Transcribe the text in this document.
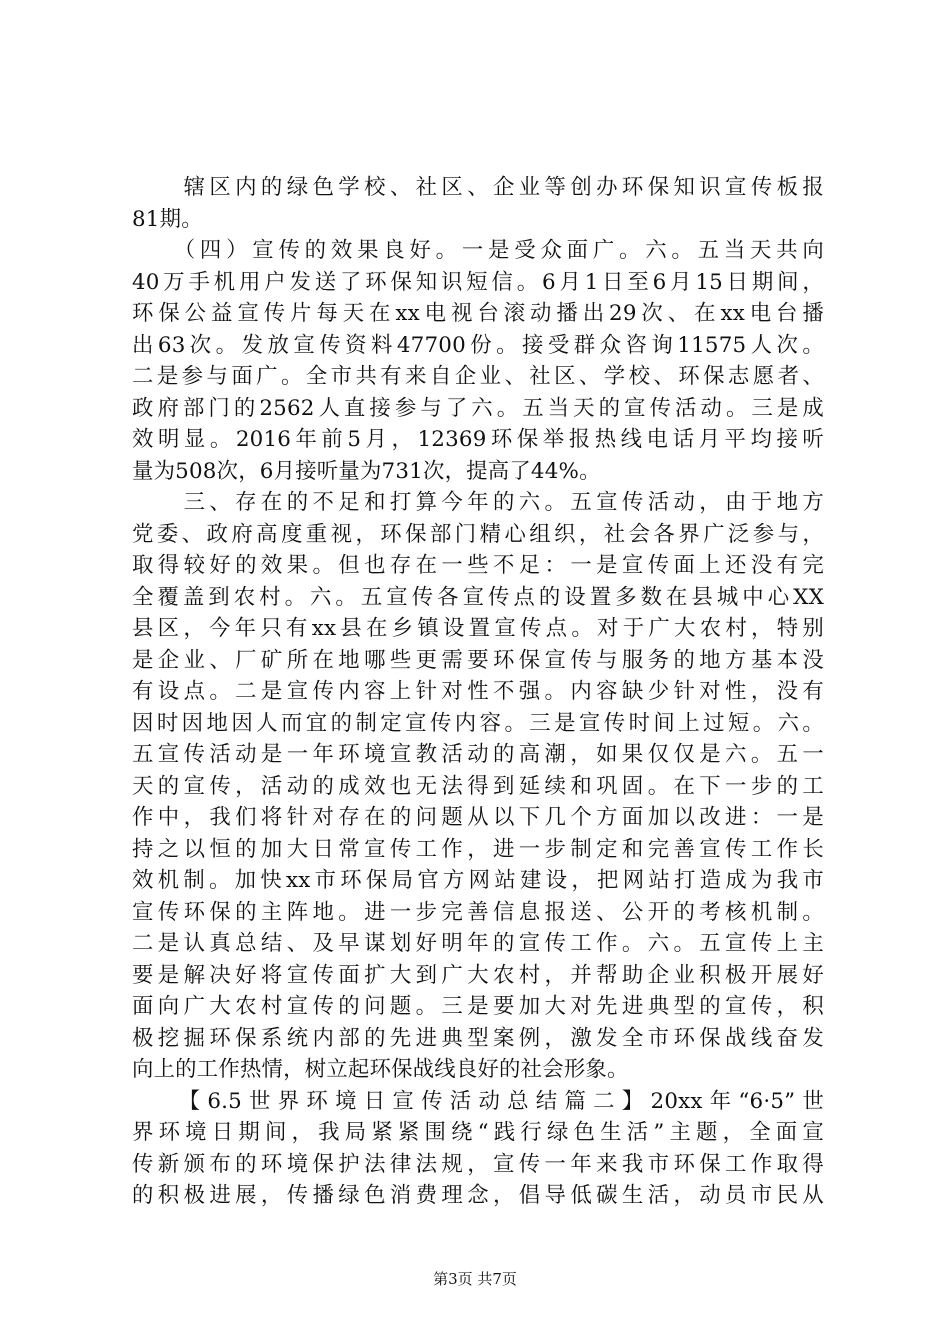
　　辖区内的绿色学校、社区、企业等创办环保知识宣传板报
81期。
　　（四）宣传的效果良好。一是受众面广。六。五当天共向
40万手机用户发送了环保知识短信。6月1日至6月15日期间，
环保公益宣传片每天在xx电视台滚动播出29次、在xx电台播
出63次。发放宣传资料47700份。接受群众咨询11575人次。
二是参与面广。全市共有来自企业、社区、学校、环保志愿者、
政府部门的2562人直接参与了六。五当天的宣传活动。三是成
效明显。2016年前5月，12369环保举报热线电话月平均接听
量为508次，6月接听量为731次，提高了44%。
　　三、存在的不足和打算今年的六。五宣传活动，由于地方
党委、政府高度重视，环保部门精心组织，社会各界广泛参与，
取得较好的效果。但也存在一些不足：一是宣传面上还没有完
全覆盖到农村。六。五宣传各宣传点的设置多数在县城中心XX
县区，今年只有xx县在乡镇设置宣传点。对于广大农村，特别
是企业、厂矿所在地哪些更需要环保宣传与服务的地方基本没
有设点。二是宣传内容上针对性不强。内容缺少针对性，没有
因时因地因人而宜的制定宣传内容。三是宣传时间上过短。六。
五宣传活动是一年环境宣教活动的高潮，如果仅仅是六。五一
天的宣传，活动的成效也无法得到延续和巩固。在下一步的工
作中，我们将针对存在的问题从以下几个方面加以改进：一是
持之以恒的加大日常宣传工作，进一步制定和完善宣传工作长
效机制。加快xx市环保局官方网站建设，把网站打造成为我市
宣传环保的主阵地。进一步完善信息报送、公开的考核机制。
二是认真总结、及早谋划好明年的宣传工作。六。五宣传上主
要是解决好将宣传面扩大到广大农村，并帮助企业积极开展好
面向广大农村宣传的问题。三是要加大对先进典型的宣传，积
极挖掘环保系统内部的先进典型案例，激发全市环保战线奋发
向上的工作热情，树立起环保战线良好的社会形象。
　　【6.5世界环境日宣传活动总结篇二】20xx年“6·5”世
界环境日期间，我局紧紧围绕“践行绿色生活”主题，全面宣
传新颁布的环境保护法律法规，宣传一年来我市环保工作取得
的积极进展，传播绿色消费理念，倡导低碳生活，动员市民从
第3页 共7页
